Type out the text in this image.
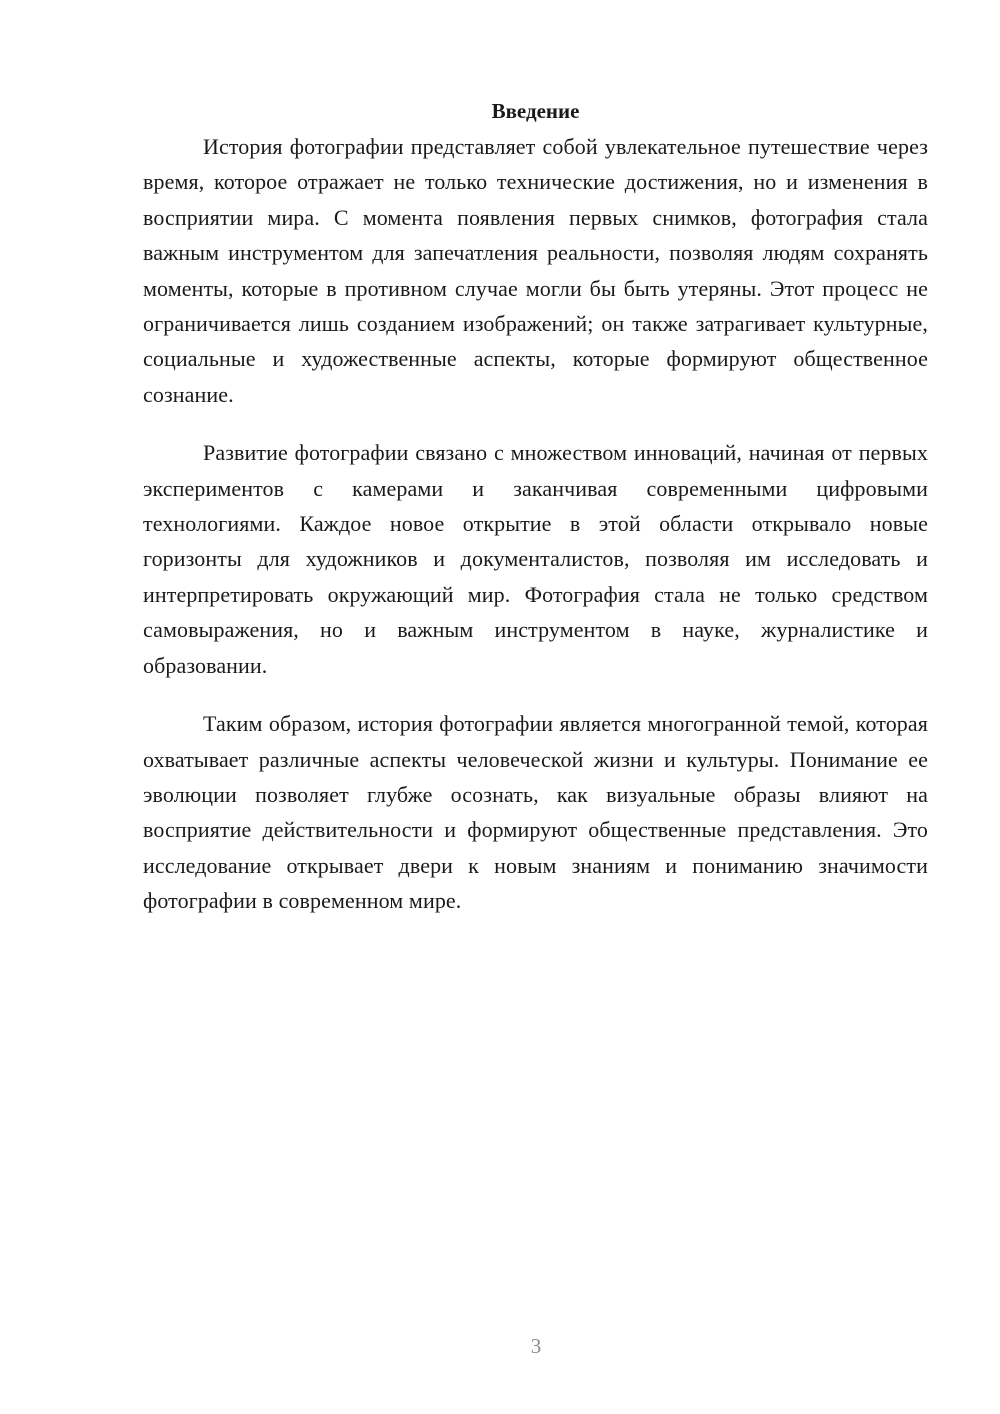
Введение

История фотографии представляет собой увлекательное путешествие через время, которое отражает не только технические достижения, но и изменения в восприятии мира. С момента появления первых снимков, фотография стала важным инструментом для запечатления реальности, позволяя людям сохранять моменты, которые в противном случае могли бы быть утеряны. Этот процесс не ограничивается лишь созданием изображений; он также затрагивает культурные, социальные и художественные аспекты, которые формируют общественное сознание.

Развитие фотографии связано с множеством инноваций, начиная от первых экспериментов с камерами и заканчивая современными цифровыми технологиями. Каждое новое открытие в этой области открывало новые горизонты для художников и документалистов, позволяя им исследовать и интерпретировать окружающий мир. Фотография стала не только средством самовыражения, но и важным инструментом в науке, журналистике и образовании.

Таким образом, история фотографии является многогранной темой, которая охватывает различные аспекты человеческой жизни и культуры. Понимание ее эволюции позволяет глубже осознать, как визуальные образы влияют на восприятие действительности и формируют общественные представления. Это исследование открывает двери к новым знаниям и пониманию значимости фотографии в современном мире.

3
